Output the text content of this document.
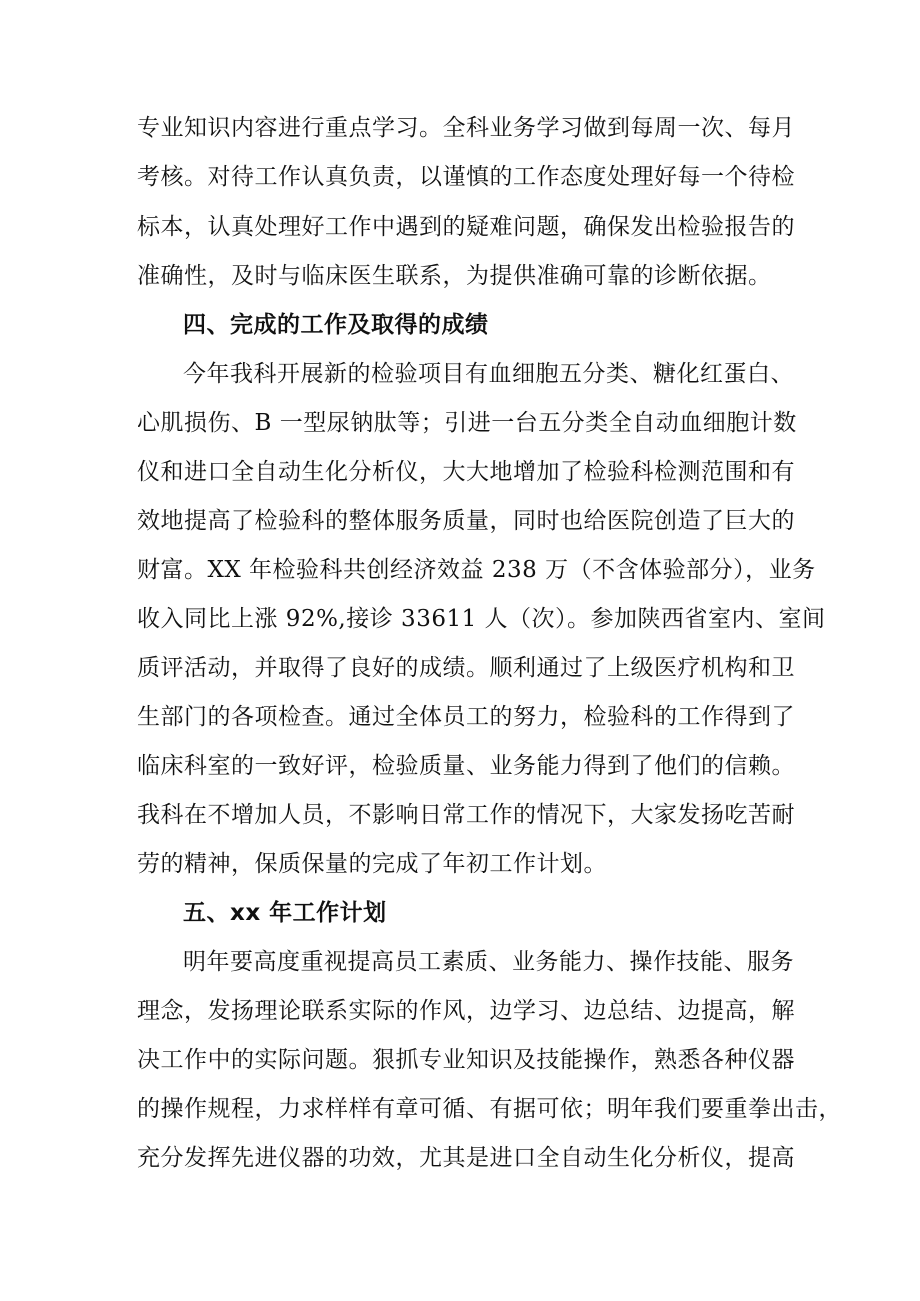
专业知识内容进行重点学习。全科业务学习做到每周一次、每月
考核。对待工作认真负责，以谨慎的工作态度处理好每一个待检
标本，认真处理好工作中遇到的疑难问题，确保发出检验报告的
准确性，及时与临床医生联系，为提供准确可靠的诊断依据。
四、完成的工作及取得的成绩
今年我科开展新的检验项目有血细胞五分类、糖化红蛋白、
心肌损伤、B 一型尿钠肽等；引进一台五分类全自动血细胞计数
仪和进口全自动生化分析仪，大大地增加了检验科检测范围和有
效地提高了检验科的整体服务质量，同时也给医院创造了巨大的
财富。XX 年检验科共创经济效益 238 万（不含体验部分），业务
收入同比上涨 92%,接诊 33611 人（次）。参加陕西省室内、室间
质评活动，并取得了良好的成绩。顺利通过了上级医疗机构和卫
生部门的各项检查。通过全体员工的努力，检验科的工作得到了
临床科室的一致好评，检验质量、业务能力得到了他们的信赖。
我科在不增加人员，不影响日常工作的情况下，大家发扬吃苦耐
劳的精神，保质保量的完成了年初工作计划。
五、xx 年工作计划
明年要高度重视提高员工素质、业务能力、操作技能、服务
理念，发扬理论联系实际的作风，边学习、边总结、边提高，解
决工作中的实际问题。狠抓专业知识及技能操作，熟悉各种仪器
的操作规程，力求样样有章可循、有据可依；明年我们要重拳出击，
充分发挥先进仪器的功效，尤其是进口全自动生化分析仪，提高
